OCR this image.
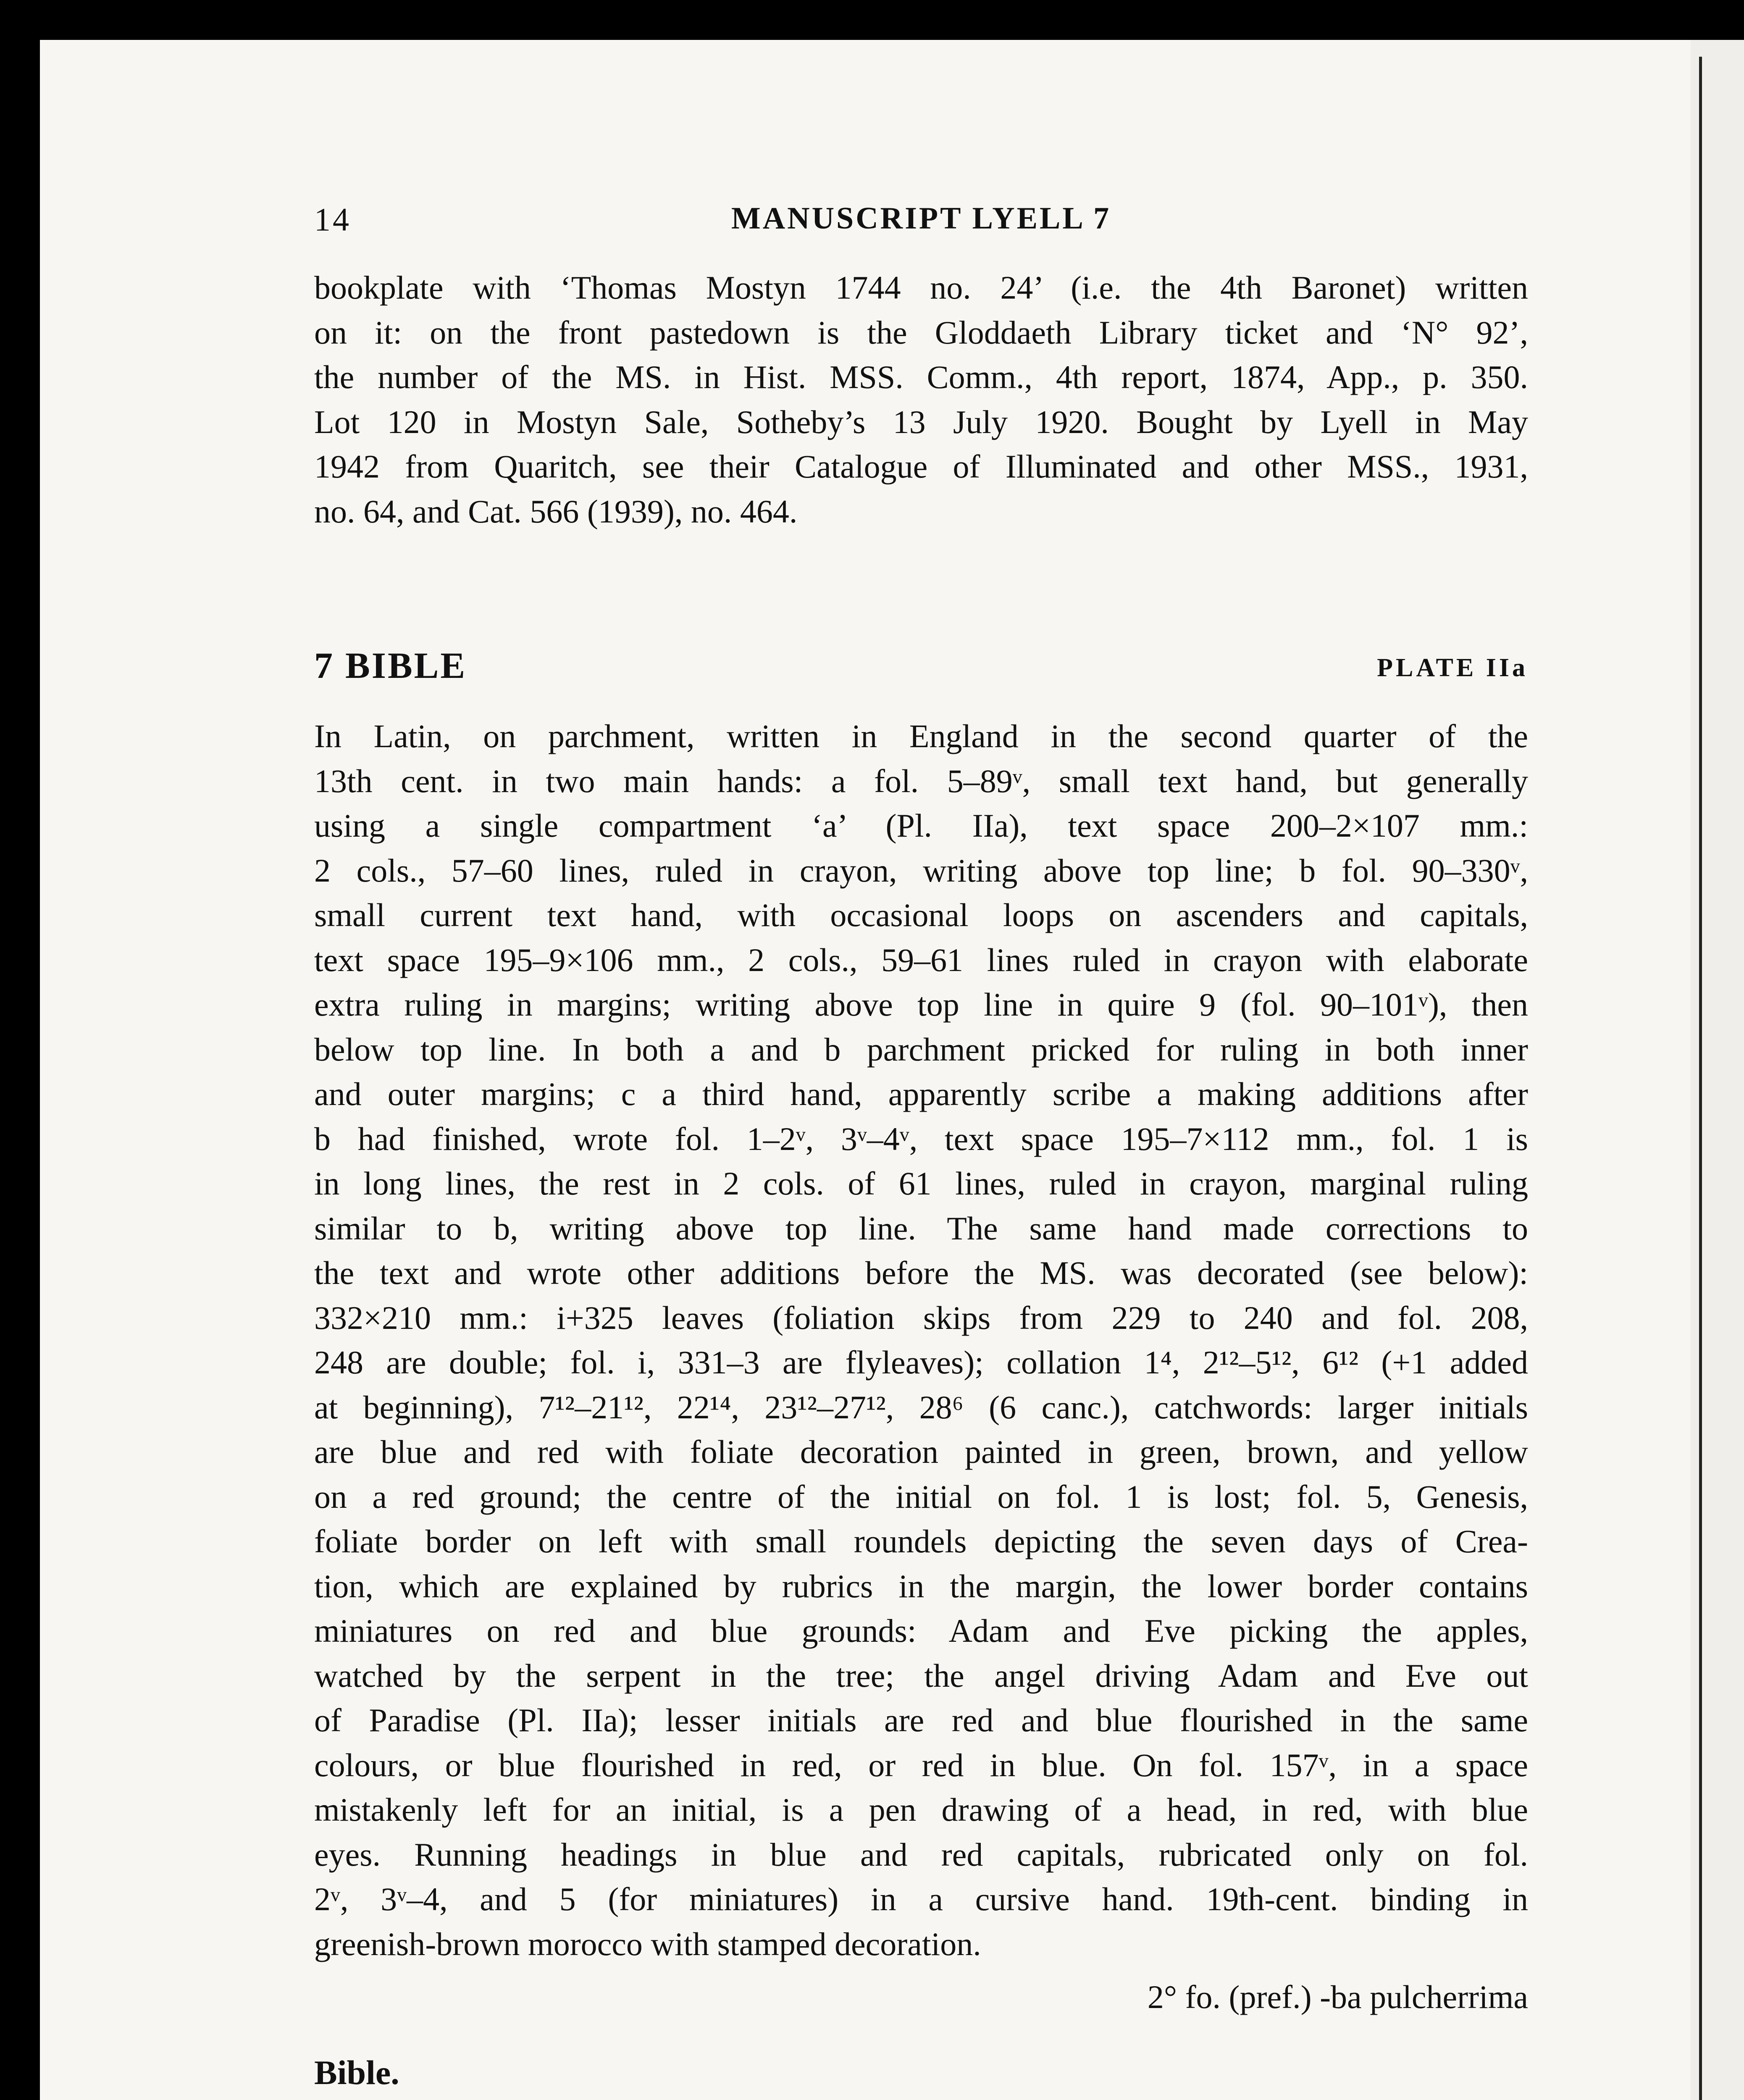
14	MANUSCRIPT LYELL 7

bookplate with ‘Thomas Mostyn 1744 no. 24’ (i.e. the 4th Baronet) written

on it: on the front pastedown is the Gloddaeth Library ticket and ‘N° 92’,

the number of the MS. in Hist. MSS. Comm., 4th report, 1874, App., p. 350.

Lot 120 in Mostyn Sale, Sotheby’s 13 July 1920. Bought by Lyell in May

1942 from Quaritch, see their Catalogue of Illuminated and other MSS., 1931,

no. 64, and Cat. 566 (1939), no. 464.

7 BIBLE	PLATE IIa

In Latin, on parchment, written in England in the second quarter of the

13th cent. in two main hands: a fol. 5–89ᵛ, small text hand, but generally

using a single compartment ‘a’ (Pl. IIa), text space 200–2×107 mm.:

2 cols., 57–60 lines, ruled in crayon, writing above top line; b fol. 90–330ᵛ,

small current text hand, with occasional loops on ascenders and capitals,

text space 195–9×106 mm., 2 cols., 59–61 lines ruled in crayon with elaborate

extra ruling in margins; writing above top line in quire 9 (fol. 90–101ᵛ), then

below top line. In both a and b parchment pricked for ruling in both inner

and outer margins; c a third hand, apparently scribe a making additions after

b had finished, wrote fol. 1–2ᵛ, 3ᵛ–4ᵛ, text space 195–7×112 mm., fol. 1 is

in long lines, the rest in 2 cols. of 61 lines, ruled in crayon, marginal ruling

similar to b, writing above top line. The same hand made corrections to

the text and wrote other additions before the MS. was decorated (see below):

332×210 mm.: i+325 leaves (foliation skips from 229 to 240 and fol. 208,

248 are double; fol. i, 331–3 are flyleaves); collation 1⁴, 2¹²–5¹², 6¹² (+1 added

at beginning), 7¹²–21¹², 22¹⁴, 23¹²–27¹², 28⁶ (6 canc.), catchwords: larger initials

are blue and red with foliate decoration painted in green, brown, and yellow

on a red ground; the centre of the initial on fol. 1 is lost; fol. 5, Genesis,

foliate border on left with small roundels depicting the seven days of Crea-

tion, which are explained by rubrics in the margin, the lower border contains

miniatures on red and blue grounds: Adam and Eve picking the apples,

watched by the serpent in the tree; the angel driving Adam and Eve out

of Paradise (Pl. IIa); lesser initials are red and blue flourished in the same

colours, or blue flourished in red, or red in blue. On fol. 157ᵛ, in a space

mistakenly left for an initial, is a pen drawing of a head, in red, with blue

eyes. Running headings in blue and red capitals, rubricated only on fol.

2ᵛ, 3ᵛ–4, and 5 (for miniatures) in a cursive hand. 19th-cent. binding in

greenish-brown morocco with stamped decoration.

2° fo. (pref.) -ba pulcherrima

Bible.
